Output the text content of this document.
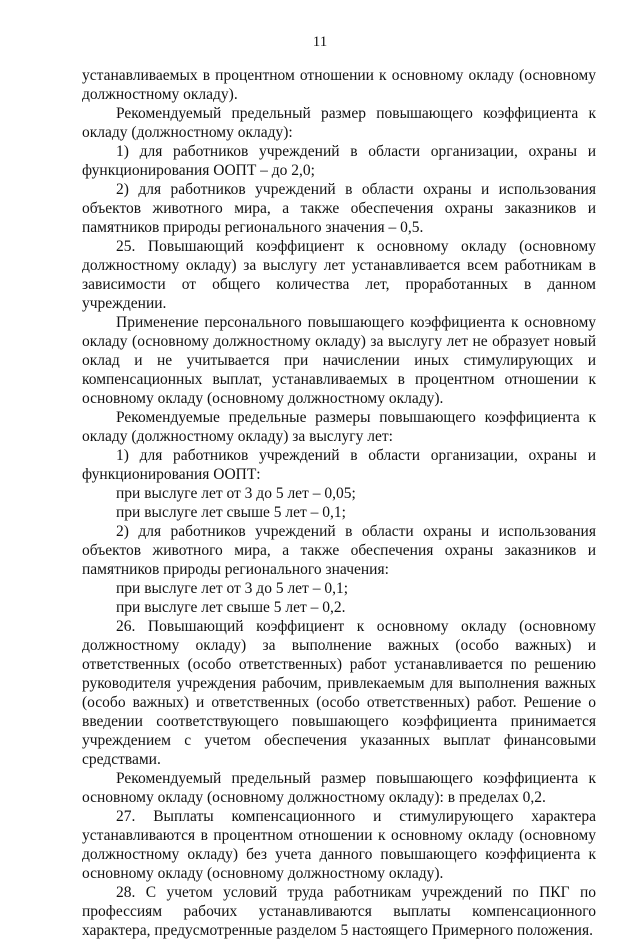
11

устанавливаемых в процентном отношении к основному окладу (основному должностному окладу).

Рекомендуемый предельный размер повышающего коэффициента к окладу (должностному окладу):

1) для работников учреждений в области организации, охраны и функционирования ООПТ – до 2,0;

2) для работников учреждений в области охраны и использования объектов животного мира, а также обеспечения охраны заказников и памятников природы регионального значения – 0,5.

25. Повышающий коэффициент к основному окладу (основному должностному окладу) за выслугу лет устанавливается всем работникам в зависимости от общего количества лет, проработанных в данном учреждении.

Применение персонального повышающего коэффициента к основному окладу (основному должностному окладу) за выслугу лет не образует новый оклад и не учитывается при начислении иных стимулирующих и компенсационных выплат, устанавливаемых в процентном отношении к основному окладу (основному должностному окладу).

Рекомендуемые предельные размеры повышающего коэффициента к окладу (должностному окладу) за выслугу лет:

1) для работников учреждений в области организации, охраны и функционирования ООПТ:

при выслуге лет от 3 до 5 лет – 0,05;

при выслуге лет свыше 5 лет – 0,1;

2) для работников учреждений в области охраны и использования объектов животного мира, а также обеспечения охраны заказников и памятников природы регионального значения:

при выслуге лет от 3 до 5 лет – 0,1;

при выслуге лет свыше 5 лет – 0,2.

26. Повышающий коэффициент к основному окладу (основному должностному окладу) за выполнение важных (особо важных) и ответственных (особо ответственных) работ устанавливается по решению руководителя учреждения рабочим, привлекаемым для выполнения важных (особо важных) и ответственных (особо ответственных) работ. Решение о введении соответствующего повышающего коэффициента принимается учреждением с учетом обеспечения указанных выплат финансовыми средствами.

Рекомендуемый предельный размер повышающего коэффициента к основному окладу (основному должностному окладу): в пределах 0,2.

27. Выплаты компенсационного и стимулирующего характера устанавливаются в процентном отношении к основному окладу (основному должностному окладу) без учета данного повышающего коэффициента к основному окладу (основному должностному окладу).

28. С учетом условий труда работникам учреждений по ПКГ по профессиям рабочих устанавливаются выплаты компенсационного характера, предусмотренные разделом 5 настоящего Примерного положения.
